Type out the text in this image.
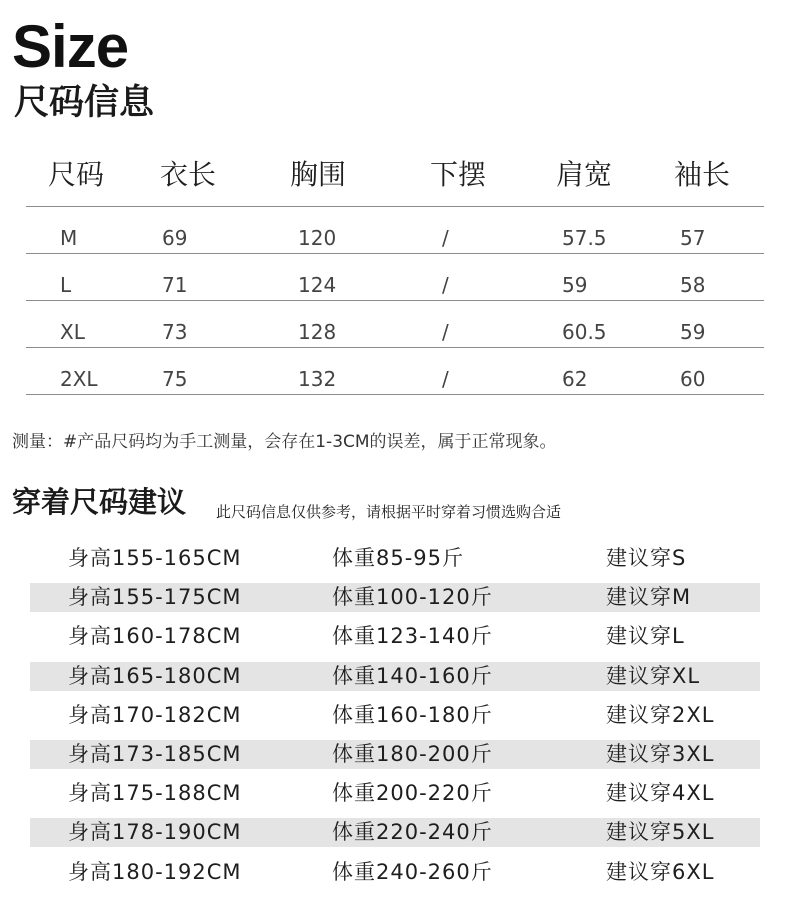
Size
尺码信息
尺码 衣长	胸围	下摆 肩宽 袖长
M	69	120	/	57.5	57
L	71	124	/	59	58
XL	73	128	/	60.5	59
2XL	75	132	/	62	60
测量：#产品尺码均为手工测量，会存在1-3CM的误差，属于正常现象。
穿着尺码建议 此尺码信息仅供参考，请根据平时穿着习惯选购合适
身高155-165CM	体重85-95斤	建议穿S
身高155-175CM	体重100-120斤	建议穿M
身高160-178CM	体重123-140斤	建议穿L
身高165-180CM	体重140-160斤	建议穿XL
身高170-182CM	体重160-180斤	建议穿2XL
身高173-185CM	体重180-200斤	建议穿3XL
身高175-188CM	体重200-220斤	建议穿4XL
身高178-190CM	体重220-240斤	建议穿5XL
身高180-192CM	体重240-260斤	建议穿6XL
